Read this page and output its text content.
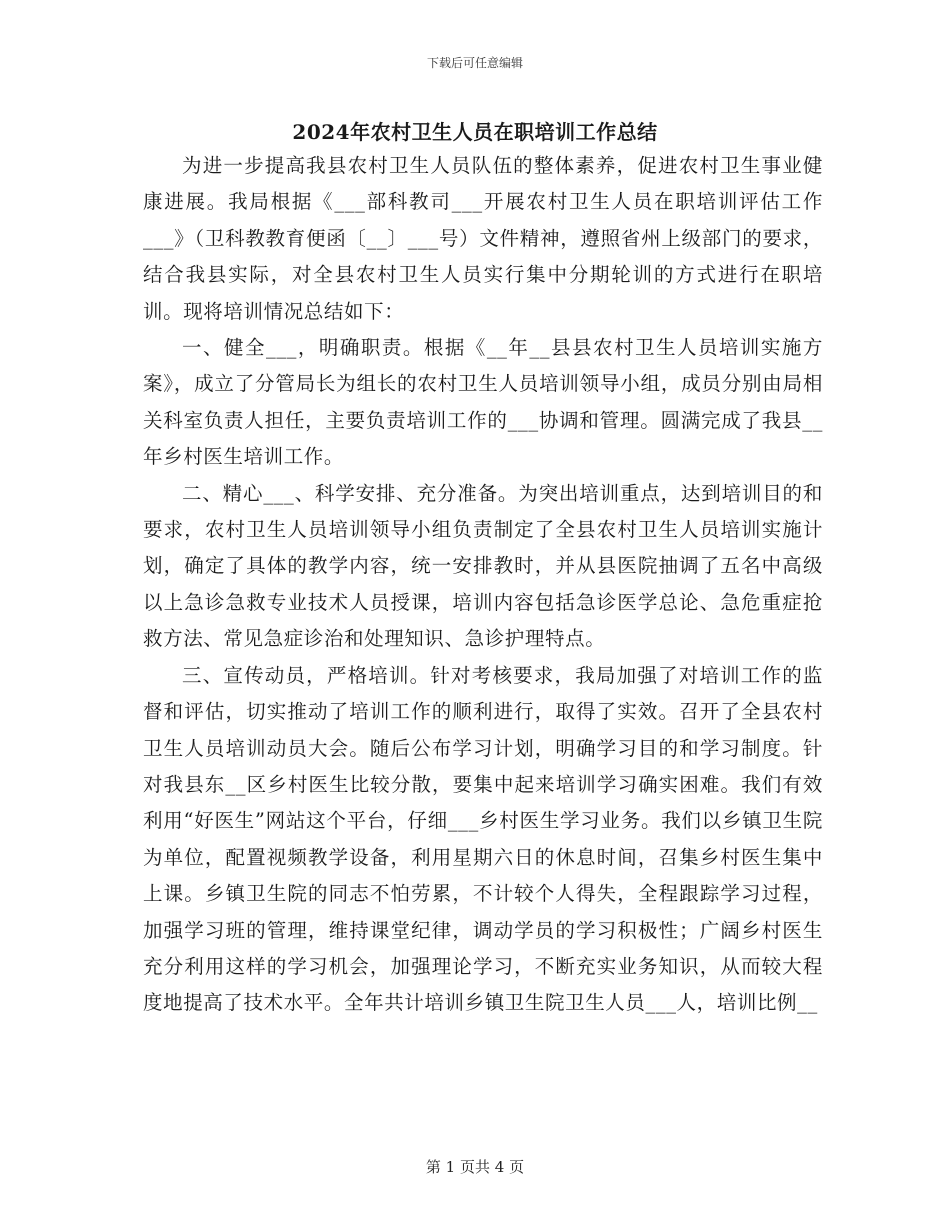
下载后可任意编辑
2024年农村卫生人员在职培训工作总结

为进一步提高我县农村卫生人员队伍的整体素养，促进农村卫生事业健康进展。我局根据《___部科教司___开展农村卫生人员在职培训评估工作___》（卫科教教育便函〔__〕___号）文件精神，遵照省州上级部门的要求，结合我县实际，对全县农村卫生人员实行集中分期轮训的方式进行在职培训。现将培训情况总结如下：

一、健全___，明确职责。根据《__年__县县农村卫生人员培训实施方案》，成立了分管局长为组长的农村卫生人员培训领导小组，成员分别由局相关科室负责人担任，主要负责培训工作的___协调和管理。圆满完成了我县__年乡村医生培训工作。

二、精心___、科学安排、充分准备。为突出培训重点，达到培训目的和要求，农村卫生人员培训领导小组负责制定了全县农村卫生人员培训实施计划，确定了具体的教学内容，统一安排教时，并从县医院抽调了五名中高级以上急诊急救专业技术人员授课，培训内容包括急诊医学总论、急危重症抢救方法、常见急症诊治和处理知识、急诊护理特点。

三、宣传动员，严格培训。针对考核要求，我局加强了对培训工作的监督和评估，切实推动了培训工作的顺利进行，取得了实效。召开了全县农村卫生人员培训动员大会。随后公布学习计划，明确学习目的和学习制度。针对我县东__区乡村医生比较分散，要集中起来培训学习确实困难。我们有效利用“好医生”网站这个平台，仔细___乡村医生学习业务。我们以乡镇卫生院为单位，配置视频教学设备，利用星期六日的休息时间，召集乡村医生集中上课。乡镇卫生院的同志不怕劳累，不计较个人得失，全程跟踪学习过程，加强学习班的管理，维持课堂纪律，调动学员的学习积极性；广阔乡村医生充分利用这样的学习机会，加强理论学习，不断充实业务知识，从而较大程度地提高了技术水平。全年共计培训乡镇卫生院卫生人员___人，培训比例__

第 1 页共 4 页
